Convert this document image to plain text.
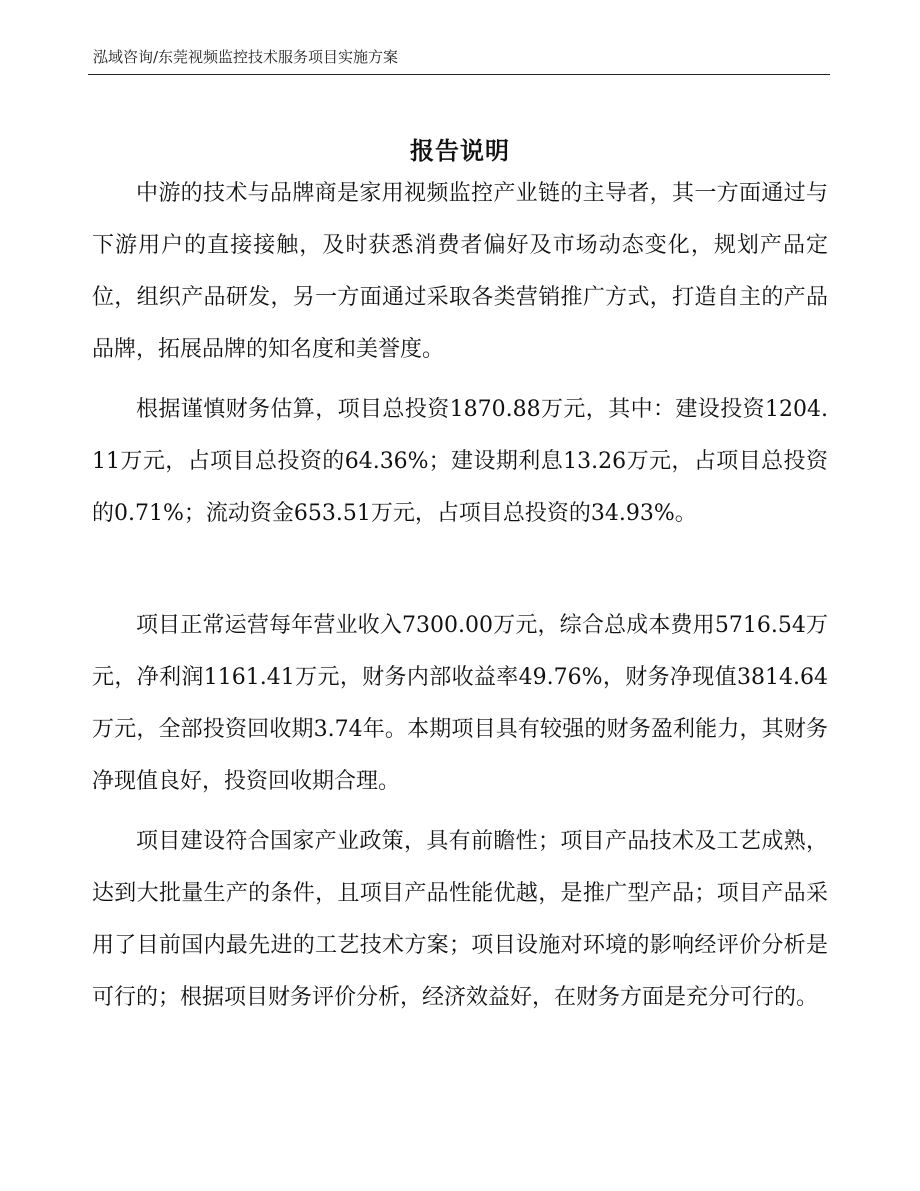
泓域咨询/东莞视频监控技术服务项目实施方案
报告说明

中游的技术与品牌商是家用视频监控产业链的主导者，其一方面通过与下游用户的直接接触，及时获悉消费者偏好及市场动态变化，规划产品定位，组织产品研发，另一方面通过采取各类营销推广方式，打造自主的产品品牌，拓展品牌的知名度和美誉度。

根据谨慎财务估算，项目总投资1870.88万元，其中：建设投资1204.11万元，占项目总投资的64.36%；建设期利息13.26万元，占项目总投资的0.71%；流动资金653.51万元，占项目总投资的34.93%。

项目正常运营每年营业收入7300.00万元，综合总成本费用5716.54万元，净利润1161.41万元，财务内部收益率49.76%，财务净现值3814.64万元，全部投资回收期3.74年。本期项目具有较强的财务盈利能力，其财务净现值良好，投资回收期合理。

项目建设符合国家产业政策，具有前瞻性；项目产品技术及工艺成熟，达到大批量生产的条件，且项目产品性能优越，是推广型产品；项目产品采用了目前国内最先进的工艺技术方案；项目设施对环境的影响经评价分析是可行的；根据项目财务评价分析，经济效益好，在财务方面是充分可行的。
